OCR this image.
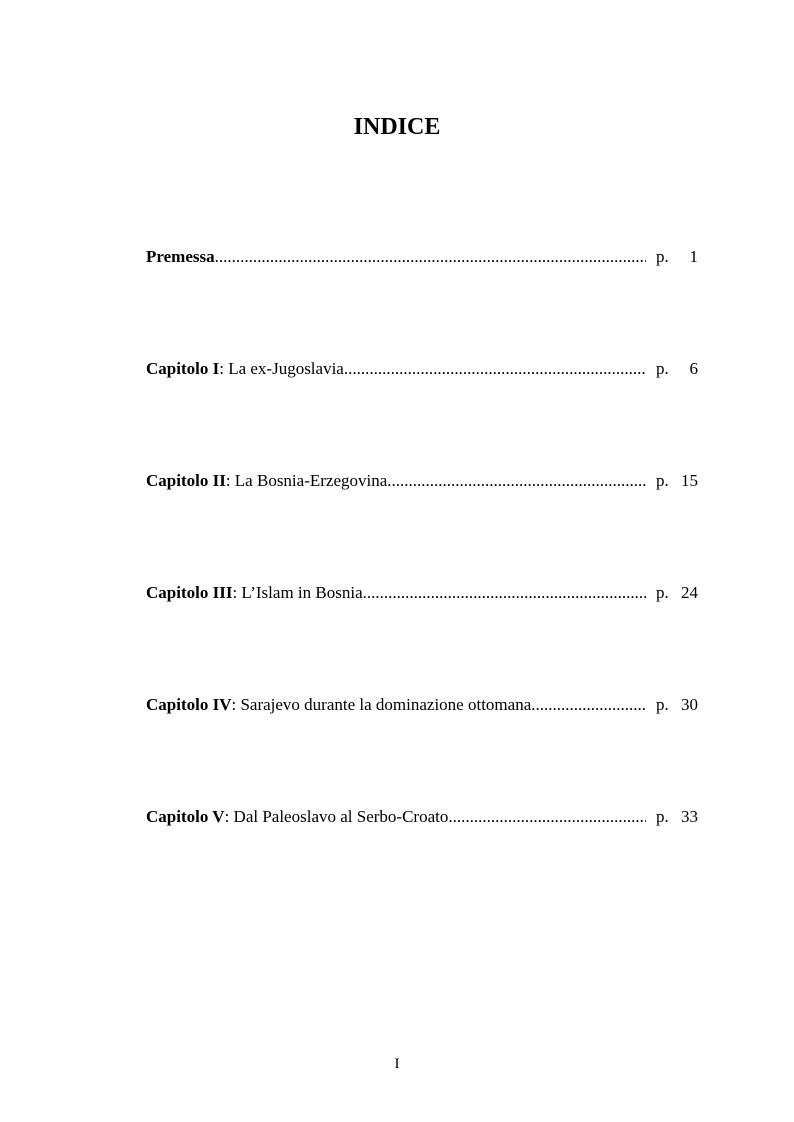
INDICE
Premessa .....	p.	1
Capitolo I: La ex-Jugoslavia .....	p.	6
Capitolo II: La Bosnia-Erzegovina .....	p. 15
Capitolo III: L’Islam in Bosnia .....	p. 24
Capitolo IV: Sarajevo durante la dominazione ottomana .....	p. 30
Capitolo V: Dal Paleoslavo al Serbo-Croato .....	p. 33
I
